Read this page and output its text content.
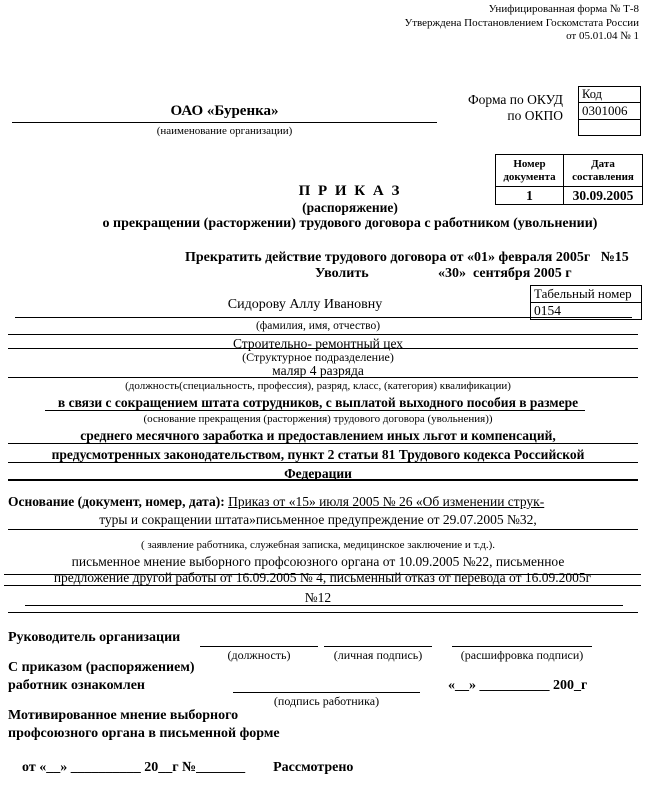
Унифицированная форма № Т-8
Утверждена Постановлением Госкомстата России
от 05.01.04 № 1
Форма по ОКУД
по ОКПО
Код
0301006

ОАО «Буренка»
(наименование организации)
Номер документа	Дата составления
1	30.09.2005
П Р И К А З
(распоряжение)
о прекращении (расторжении) трудового договора с работником (увольнении)
Прекратить действие трудового договора от «01» февраля 2005г   №15
Уволить	«30»  сентября 2005 г
Табельный номер
0154
Сидорову Аллу Ивановну
(фамилия, имя, отчество)
Строительно- ремонтный цех
(Структурное подразделение)
маляр 4 разряда
(должность(специальность, профессия), разряд, класс, (категория) квалификации)
в связи с сокращением штата сотрудников, с выплатой выходного пособия в размере
(основание прекращения (расторжения) трудового договора (увольнения))
среднего месячного заработка и предоставлением иных льгот и компенсаций,
предусмотренных законодательством, пункт 2 статьи 81 Трудового кодекса Российской
Федерации
Основание (документ, номер, дата): Приказ от «15» июля 2005 № 26 «Об изменении струк-
туры и сокращении штата»письменное предупреждение от 29.07.2005 №32,
( заявление работника, служебная записка, медицинское заключение и т.д.).
письменное мнение выборного профсоюзного органа от 10.09.2005 №22, письменное
предложение другой работы от 16.09.2005 № 4, письменный отказ от перевода от 16.09.2005г
№12
Руководитель организации
(должность)	(личная подпись)	(расшифровка подписи)
С приказом (распоряжением)
работник ознакомлен
(подпись работника)
«__» __________ 200_г
Мотивированное мнение выборного
профсоюзного органа в письменной форме

от «__» __________ 20__г №_______ Рассмотрено
